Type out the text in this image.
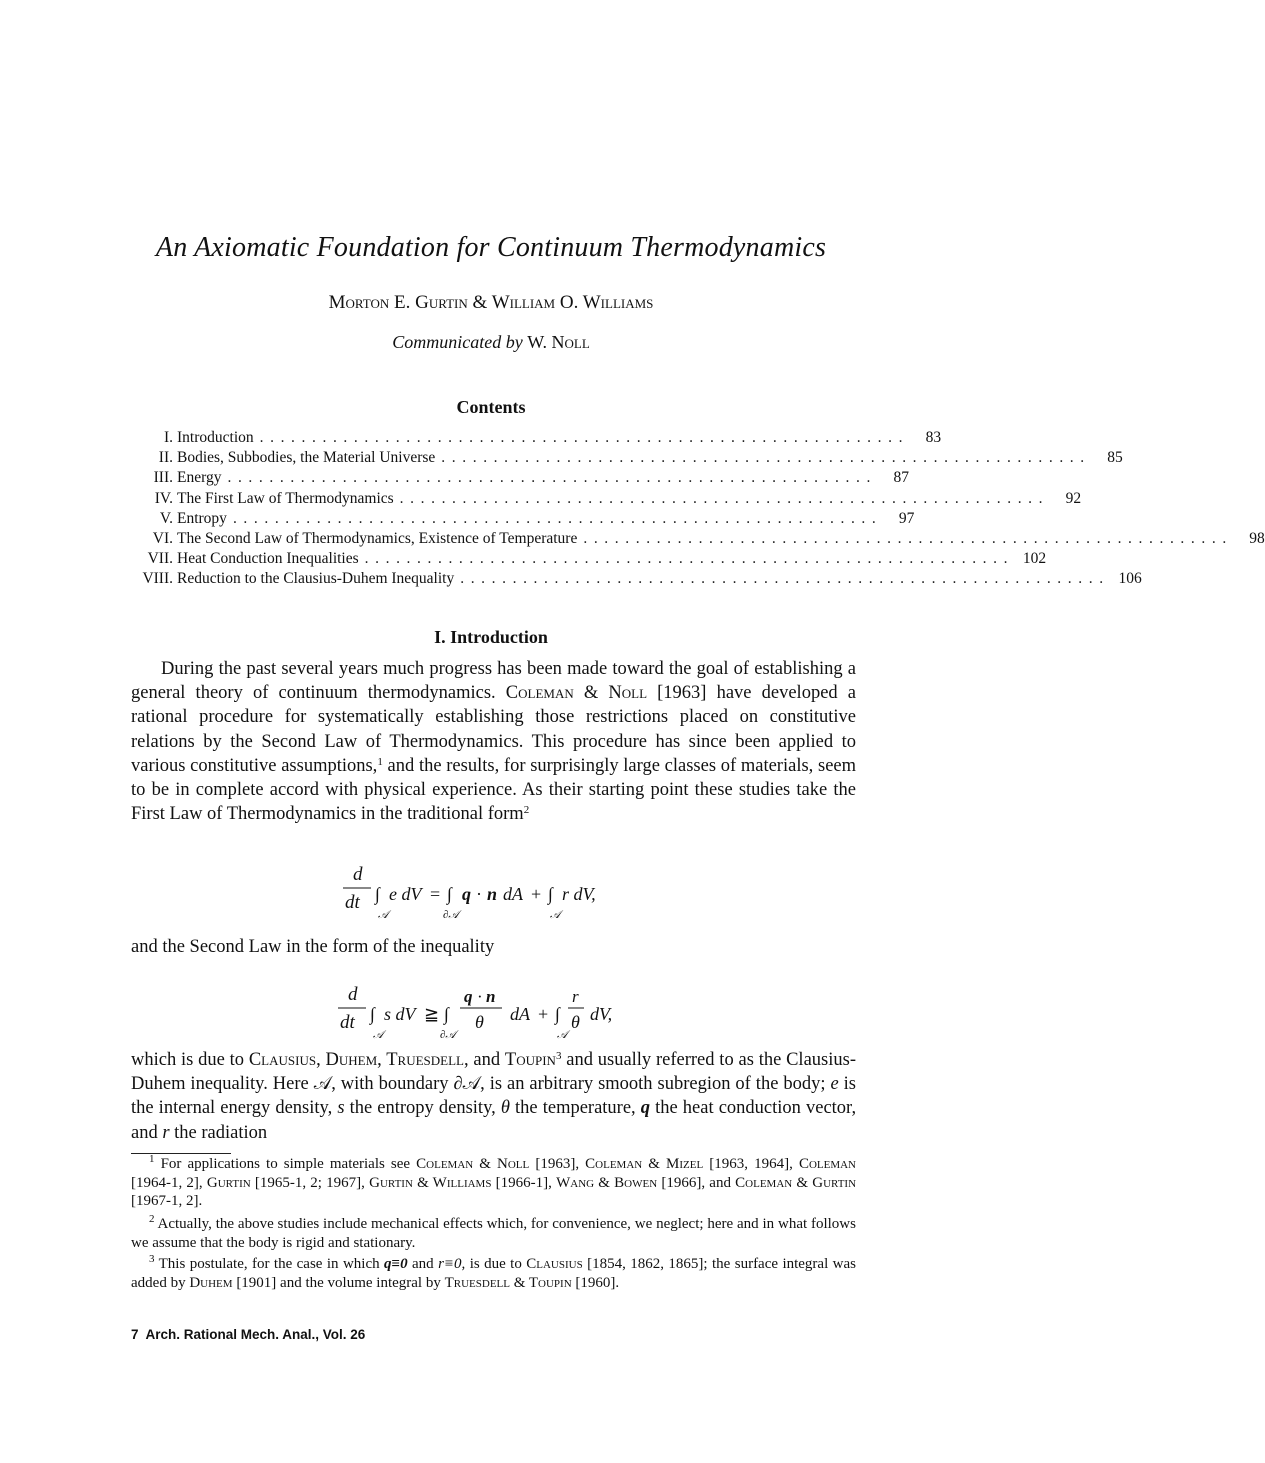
An Axiomatic Foundation for Continuum Thermodynamics
Morton E. Gurtin & William O. Williams
Communicated by W. Noll
Contents
I. Introduction ..............................................................	83
II. Bodies, Subbodies, the Material Universe ..............................................................	85
III. Energy ..............................................................	87
IV. The First Law of Thermodynamics ..............................................................	92
V. Entropy ..............................................................	97
VI. The Second Law of Thermodynamics, Existence of Temperature ..............................................................	98
VII. Heat Conduction Inequalities .............................................................. 102
VIII. Reduction to the Clausius-Duhem Inequality .............................................................. 106
I. Introduction
During the past several years much progress has been made toward the goal of establishing a general theory of continuum thermodynamics. Coleman & Noll [1963] have developed a rational procedure for systematically establishing those restrictions placed on constitutive relations by the Second Law of Thermodynamics. This procedure has since been applied to various constitutive assumptions,$^1$ and the results, for surprisingly large classes of materials, seem to be in complete accord with physical experience. As their starting point these studies take the First Law of Thermodynamics in the traditional form$^2$
d
dt ∫
𝒜
e dV = ∫
∂𝒜
q · n dA + ∫
𝒜
r dV,
and the Second Law in the form of the inequality
d
dt ∫
𝒜
s dV ≧ ∫
∂𝒜
q · n
θ dA + ∫
𝒜
r
θ dV,
which is due to Clausius, Duhem, Truesdell, and Toupin$^3$ and usually referred to as the Clausius-Duhem inequality. Here 𝒜, with boundary ∂𝒜, is an arbitrary smooth subregion of the body; e is the internal energy density, s the entropy density, θ the temperature, q the heat conduction vector, and r the radiation
$^1$ For applications to simple materials see Coleman & Noll [1963], Coleman & Mizel [1963, 1964], Coleman [1964-1, 2], Gurtin [1965-1, 2; 1967], Gurtin & Williams [1966-1], Wang & Bowen [1966], and Coleman & Gurtin [1967-1, 2].
$^2$ Actually, the above studies include mechanical effects which, for convenience, we neglect; here and in what follows we assume that the body is rigid and stationary.
$^3$ This postulate, for the case in which q≡0 and r≡0, is due to Clausius [1854, 1862, 1865]; the surface integral was added by Duhem [1901] and the volume integral by Truesdell & Toupin [1960].
7  Arch. Rational Mech. Anal., Vol. 26
